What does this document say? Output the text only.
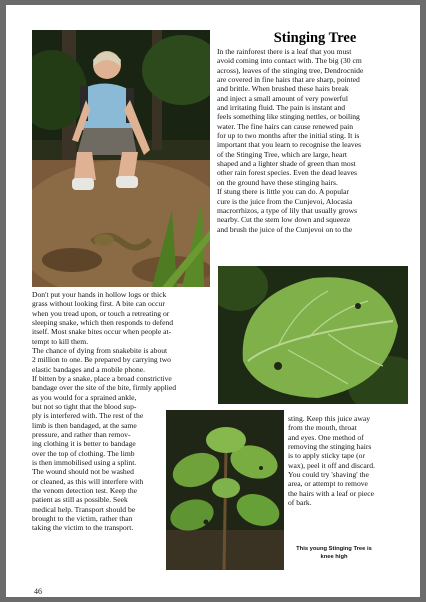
Stinging Tree
In the rainforest there is a leaf that you must
avoid coming into contact with. The big (30 cm
across), leaves of the stinging tree, Dendrocnide
are covered in fine hairs that are sharp, pointed
and brittle. When brushed these hairs break
and inject a small amount of very powerful
and irritating fluid. The pain is instant and
feels something like stinging nettles, or boiling
water. The fine hairs can cause renewed pain
for up to two months after the initial sting. It is
important that you learn to recognise the leaves
of the Stinging Tree, which are large, heart
shaped and a lighter shade of green than most
other rain forest species. Even the dead leaves
on the ground have these stinging hairs.
If stung there is little you can do. A popular
cure is the juice from the Cunjevoi, Alocasia
macrorrhizos, a type of lily that usually grows
nearby. Cut the stem low down and squeeze
and brush the juice of the Cunjevoi on to the
Don't put your hands in hollow logs or thick
grass without looking first. A bite can occur
when you tread upon, or touch a retreating or
sleeping snake, which then responds to defend
itself. Most snake bites occur when people at-
tempt to kill them.
The chance of dying from snakebite is about
2 million to one. Be prepared by carrying two
elastic bandages and a mobile phone.
If bitten by a snake, place a broad constrictive
bandage over the site of the bite, firmly applied
as you would for a sprained ankle,
but not so tight that the blood sup-
ply is interfered with. The rest of the
limb is then bandaged, at the same
pressure, and rather than remov-
ing clothing it is better to bandage
over the top of clothing. The limb
is then immobilised using a splint.
The wound should not be washed
or cleaned, as this will interfere with
the venom detection test. Keep the
patient as still as possible. Seek
medical help. Transport should be
brought to the victim, rather than
taking the victim to the transport.
sting. Keep this juice away
from the mouth, throat
and eyes. One method of
removing the stinging hairs
is to apply sticky tape (or
wax), peel it off and discard.
You could try 'shaving' the
area, or attempt to remove
the hairs with a leaf or piece
of bark.
This young Stinging Tree is
knee high
46
